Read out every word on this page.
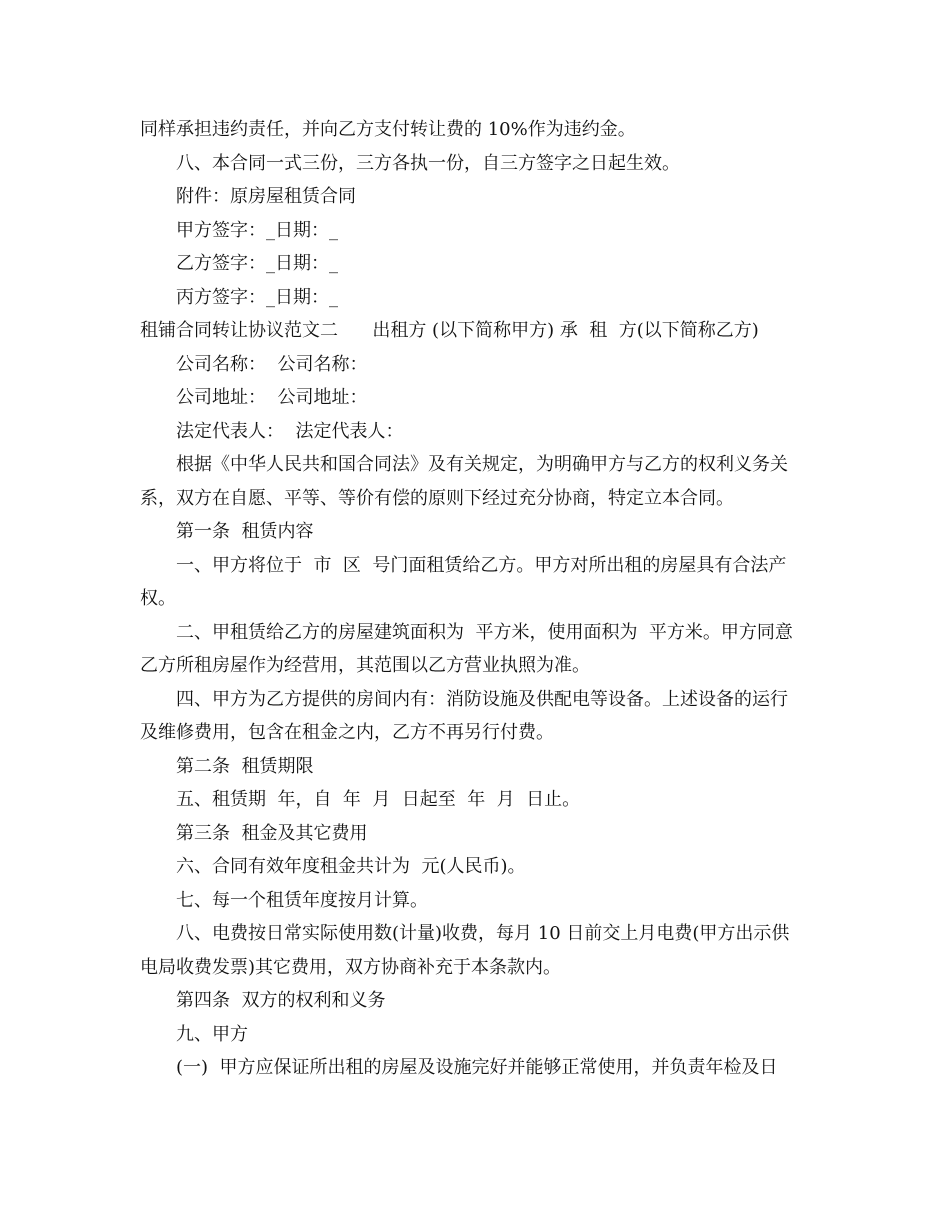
同样承担违约责任，并向乙方支付转让费的 10%作为违约金。
八、本合同一式三份，三方各执一份，自三方签字之日起生效。
附件：原房屋租赁合同
甲方签字：_日期：_
乙方签字：_日期：_
丙方签字：_日期：_
租铺合同转让协议范文二      出租方 (以下简称甲方) 承  租  方(以下简称乙方)
公司名称：  公司名称：
公司地址：  公司地址：
法定代表人：  法定代表人：
根据《中华人民共和国合同法》及有关规定，为明确甲方与乙方的权利义务关
系，双方在自愿、平等、等价有偿的原则下经过充分协商，特定立本合同。
第一条  租赁内容
一、甲方将位于  市  区  号门面租赁给乙方。甲方对所出租的房屋具有合法产
权。
二、甲租赁给乙方的房屋建筑面积为  平方米，使用面积为  平方米。甲方同意
乙方所租房屋作为经营用，其范围以乙方营业执照为准。
四、甲方为乙方提供的房间内有：消防设施及供配电等设备。上述设备的运行
及维修费用，包含在租金之内，乙方不再另行付费。
第二条  租赁期限
五、租赁期  年，自  年  月  日起至  年  月  日止。
第三条  租金及其它费用
六、合同有效年度租金共计为  元(人民币)。
七、每一个租赁年度按月计算。
八、电费按日常实际使用数(计量)收费，每月 10 日前交上月电费(甲方出示供
电局收费发票)其它费用，双方协商补充于本条款内。
第四条  双方的权利和义务
九、甲方
(一)  甲方应保证所出租的房屋及设施完好并能够正常使用，并负责年检及日
